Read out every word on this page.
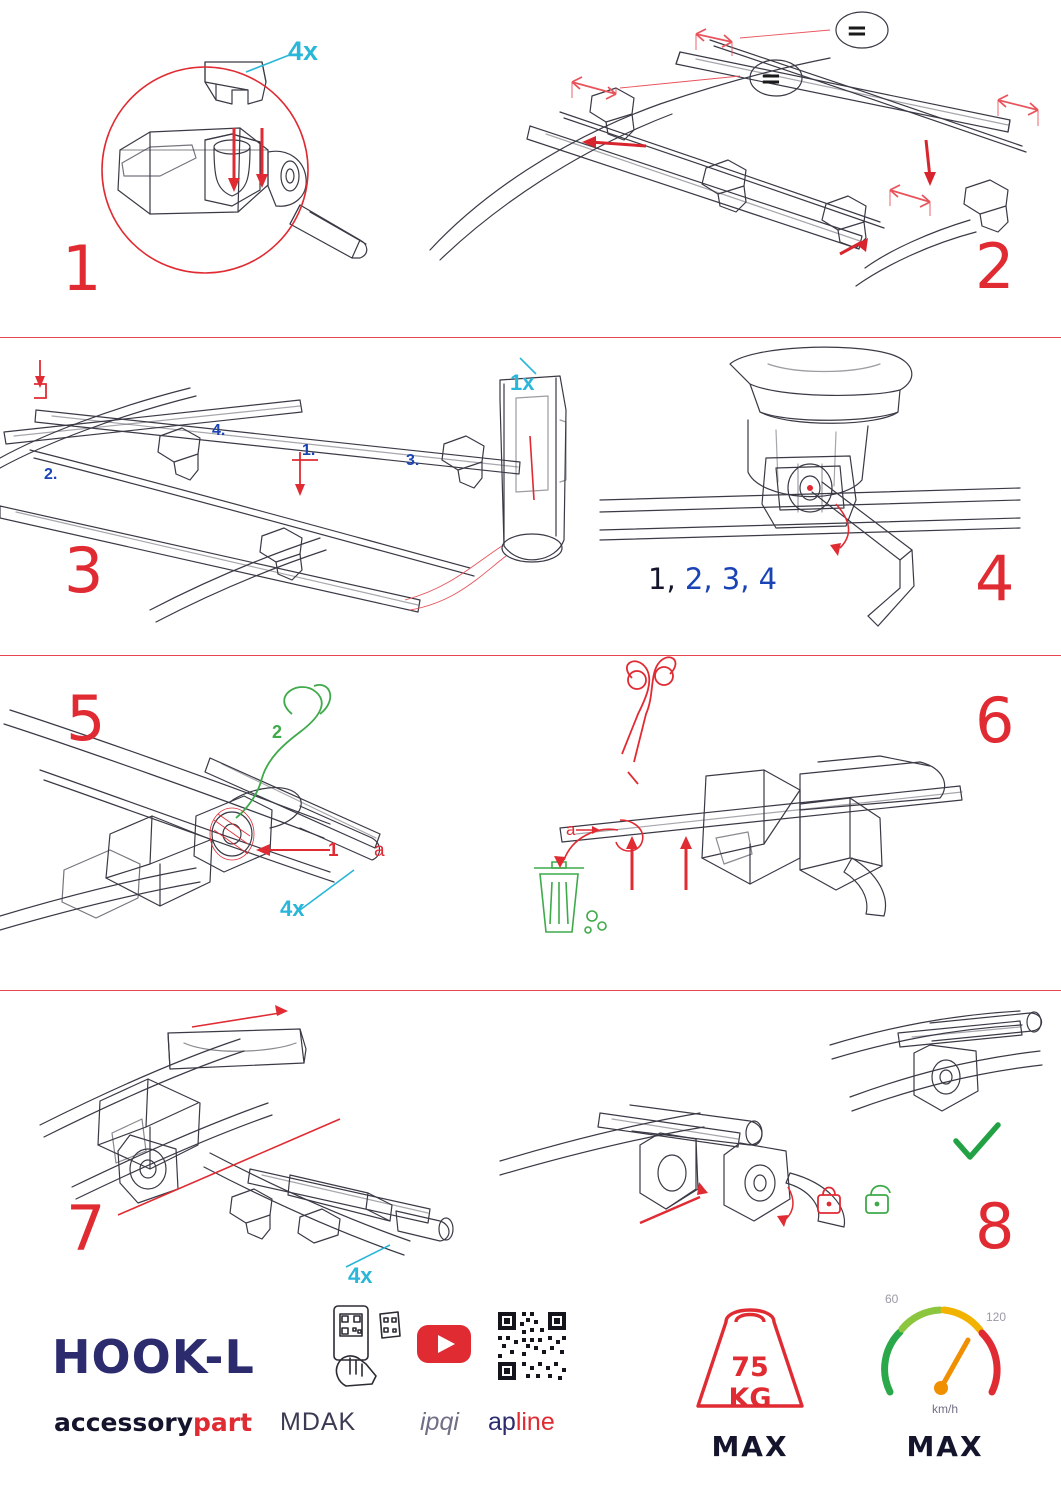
1
4x
=
=
2
4.
2.
3.
1.
1x
3	1, 2, 3, 4	4
5	2
1 a
4x
a
6
7
4x
8
HOOK-L
accessorypart MDAK	ipqi apline
75 KG
MAX
60
120
km/h
MAX
